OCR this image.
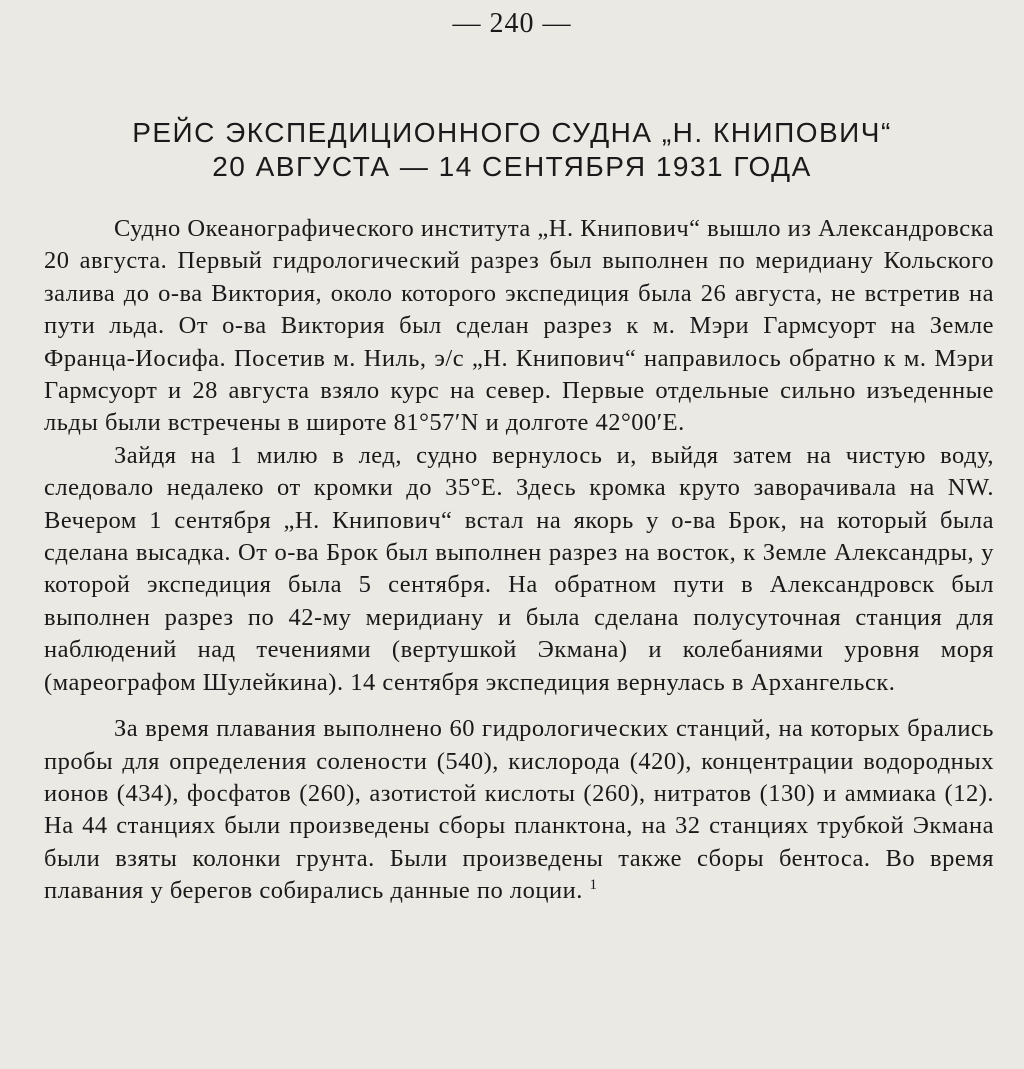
— 240 —
РЕЙС ЭКСПЕДИЦИОННОГО СУДНА „Н. КНИПОВИЧ“
20 АВГУСТА — 14 СЕНТЯБРЯ 1931 ГОДА

Судно Океанографического института „Н. Книпович“ вышло из Александровска 20 августа. Первый гидрологический разрез был выполнен по меридиану Кольского залива до о-ва Виктория, около которого экспедиция была 26 августа, не встретив на пути льда. От о-ва Виктория был сделан разрез к м. Мэри Гармсуорт на Земле Франца-Иосифа. Посетив м. Ниль, э/с „Н. Книпович“ направилось обратно к м. Мэри Гармсуорт и 28 августа взяло курс на север. Первые отдельные сильно изъеденные льды были встречены в широте 81°57′N и долготе 42°00′E.

Зайдя на 1 милю в лед, судно вернулось и, выйдя затем на чистую воду, следовало недалеко от кромки до 35°E. Здесь кромка круто заворачивала на NW. Вечером 1 сентября „Н. Книпович“ встал на якорь у о-ва Брок, на который была сделана высадка. От о-ва Брок был выполнен разрез на восток, к Земле Александры, у которой экспедиция была 5 сентября. На обратном пути в Александровск был выполнен разрез по 42-му меридиану и была сделана полусуточная станция для наблюдений над течениями (вертушкой Экмана) и колебаниями уровня моря (мареографом Шулейкина). 14 сентября экспедиция вернулась в Архангельск.

За время плавания выполнено 60 гидрологических станций, на которых брались пробы для определения солености (540), кислорода (420), концентрации водородных ионов (434), фосфатов (260), азотистой кислоты (260), нитратов (130) и аммиака (12). На 44 станциях были произведены сборы планктона, на 32 станциях трубкой Экмана были взяты колонки грунта. Были произведены также сборы бентоса. Во время плавания у берегов собирались данные по лоции. $^1$
